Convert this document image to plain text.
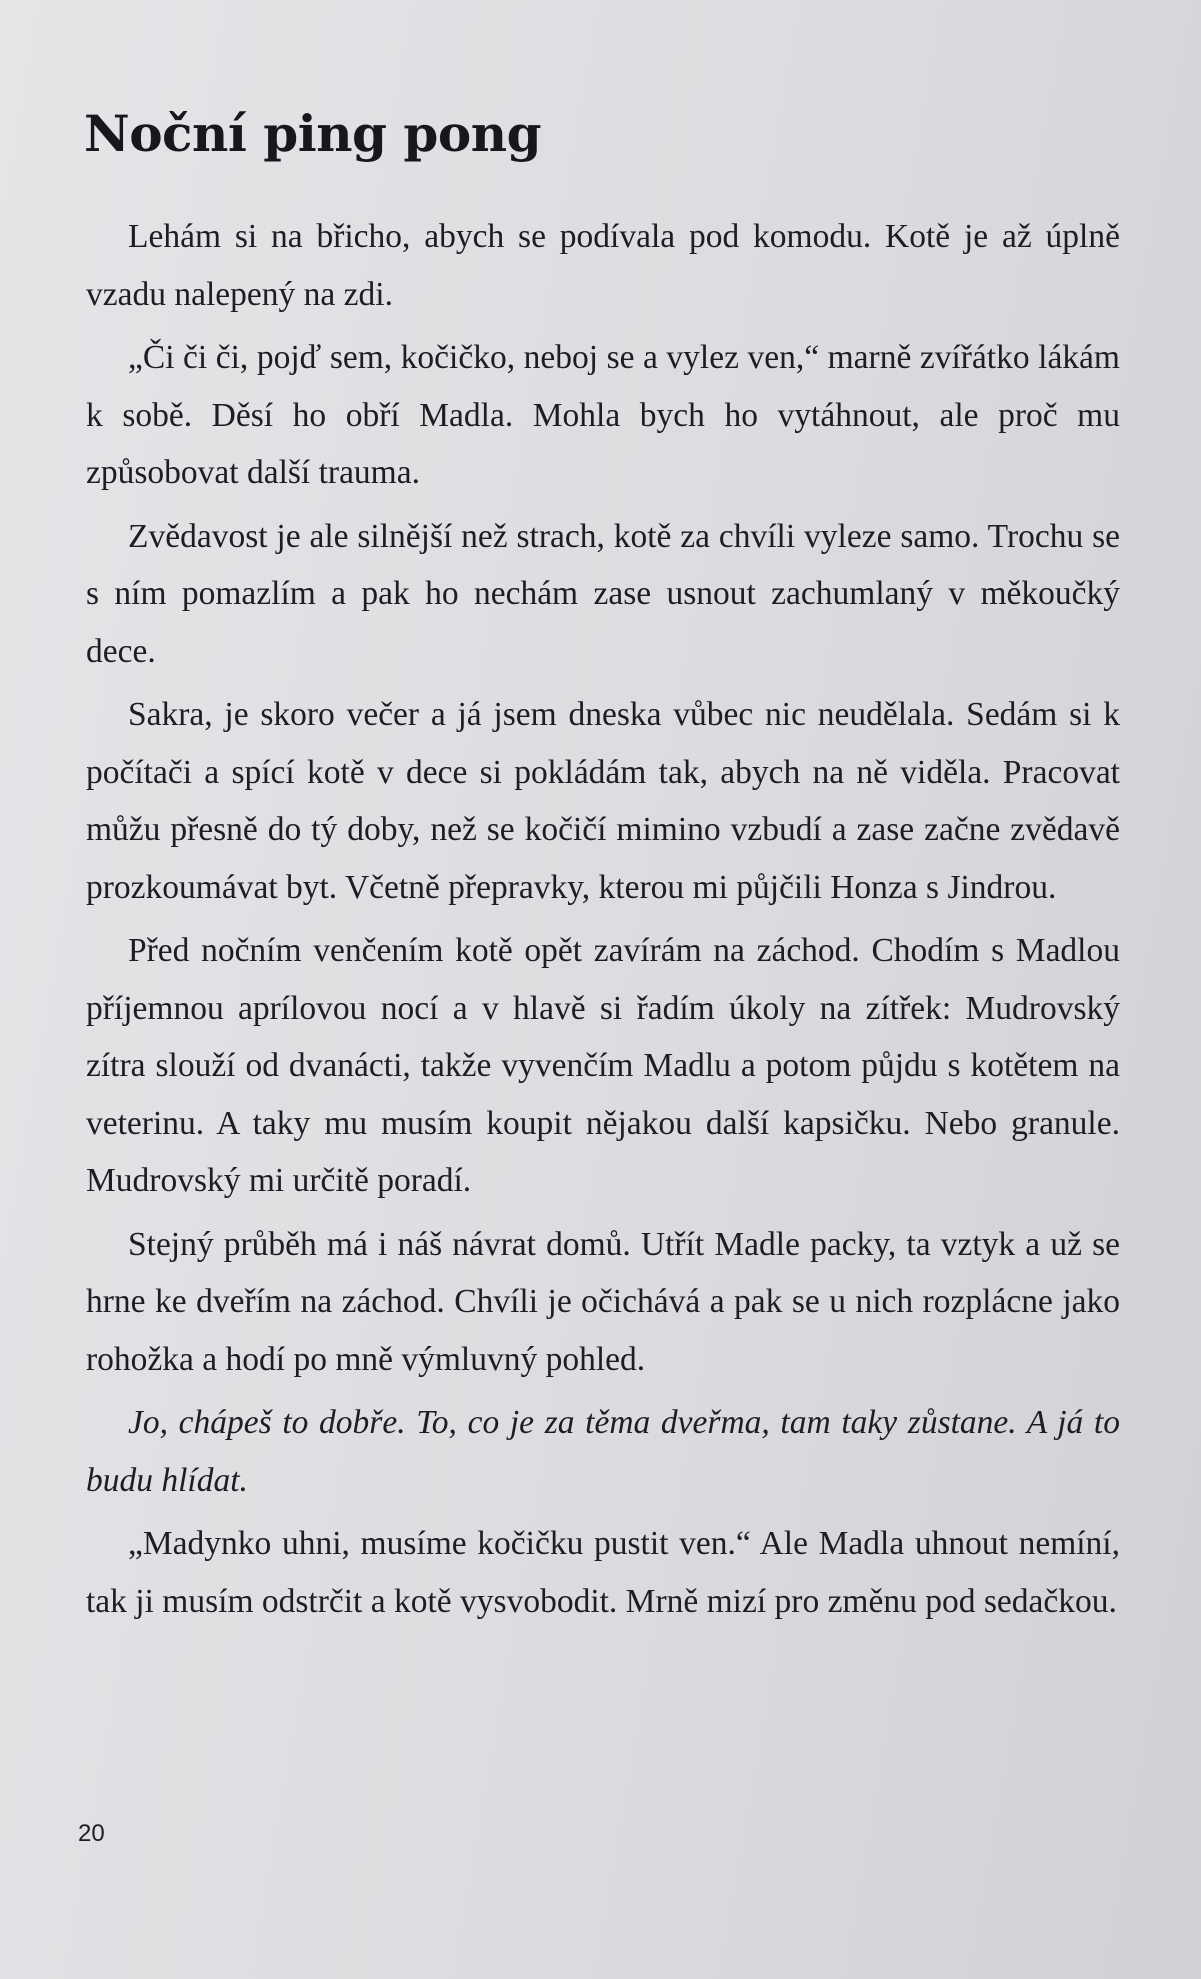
Noční ping pong

Lehám si na břicho, abych se podívala pod komodu. Kotě je až úplně vzadu nalepený na zdi.

„Či či či, pojď sem, kočičko, neboj se a vylez ven,“ marně zvířátko lákám k sobě. Děsí ho obří Madla. Mohla bych ho vytáhnout, ale proč mu způsobovat další trauma.

Zvědavost je ale silnější než strach, kotě za chvíli vyleze samo. Trochu se s ním pomazlím a pak ho nechám zase usnout zachumlaný v měkoučký dece.

Sakra, je skoro večer a já jsem dneska vůbec nic neudělala. Sedám si k počítači a spící kotě v dece si pokládám tak, abych na ně viděla. Pracovat můžu přesně do tý doby, než se kočičí mimino vzbudí a zase začne zvědavě prozkoumávat byt. Včetně přepravky, kterou mi půjčili Honza s Jindrou.

Před nočním venčením kotě opět zavírám na záchod. Chodím s Madlou příjemnou aprílovou nocí a v hlavě si řadím úkoly na zítřek: Mudrovský zítra slouží od dvanácti, takže vyvenčím Madlu a potom půjdu s kotětem na veterinu. A taky mu musím koupit nějakou další kapsičku. Nebo granule. Mudrovský mi určitě poradí.

Stejný průběh má i náš návrat domů. Utřít Madle packy, ta vztyk a už se hrne ke dveřím na záchod. Chvíli je očichává a pak se u nich rozplácne jako rohožka a hodí po mně výmluvný pohled.

Jo, chápeš to dobře. To, co je za těma dveřma, tam taky zůstane. A já to budu hlídat.

„Madynko uhni, musíme kočičku pustit ven.“ Ale Madla uhnout nemíní, tak ji musím odstrčit a kotě vysvobodit. Mrně mizí pro změnu pod sedačkou.

20
